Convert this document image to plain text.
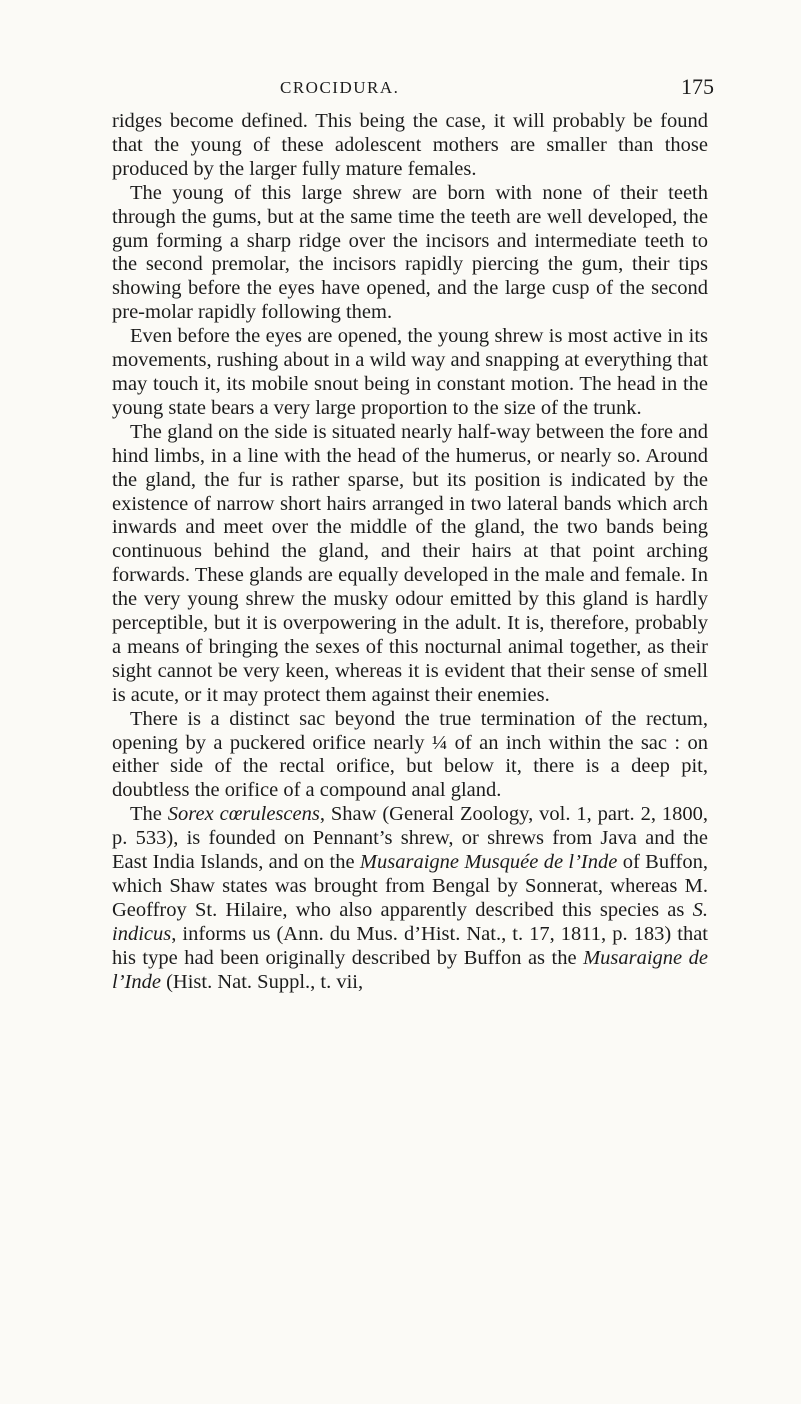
CROCIDURA.	175

ridges become defined. This being the case, it will probably be found that the young of these adolescent mothers are smaller than those produced by the larger fully mature females.

The young of this large shrew are born with none of their teeth through the gums, but at the same time the teeth are well developed, the gum forming a sharp ridge over the incisors and intermediate teeth to the second premolar, the incisors rapidly piercing the gum, their tips showing before the eyes have opened, and the large cusp of the second pre-molar rapidly following them.

Even before the eyes are opened, the young shrew is most active in its movements, rushing about in a wild way and snapping at everything that may touch it, its mobile snout being in constant motion. The head in the young state bears a very large proportion to the size of the trunk.

The gland on the side is situated nearly half-way between the fore and hind limbs, in a line with the head of the humerus, or nearly so. Around the gland, the fur is rather sparse, but its position is indicated by the existence of narrow short hairs arranged in two lateral bands which arch inwards and meet over the middle of the gland, the two bands being continuous behind the gland, and their hairs at that point arching forwards. These glands are equally developed in the male and female. In the very young shrew the musky odour emitted by this gland is hardly perceptible, but it is overpowering in the adult. It is, therefore, probably a means of bringing the sexes of this nocturnal animal together, as their sight cannot be very keen, whereas it is evident that their sense of smell is acute, or it may protect them against their enemies.

There is a distinct sac beyond the true termination of the rectum, opening by a puckered orifice nearly ¼ of an inch within the sac : on either side of the rectal orifice, but below it, there is a deep pit, doubtless the orifice of a compound anal gland.

The Sorex cœrulescens, Shaw (General Zoology, vol. 1, part. 2, 1800, p. 533), is founded on Pennant’s shrew, or shrews from Java and the East India Islands, and on the Musaraigne Musquée de l’Inde of Buffon, which Shaw states was brought from Bengal by Sonnerat, whereas M. Geoffroy St. Hilaire, who also apparently described this species as S. indicus, informs us (Ann. du Mus. d’Hist. Nat., t. 17, 1811, p. 183) that his type had been originally described by Buffon as the Musaraigne de l’Inde (Hist. Nat. Suppl., t. vii,
